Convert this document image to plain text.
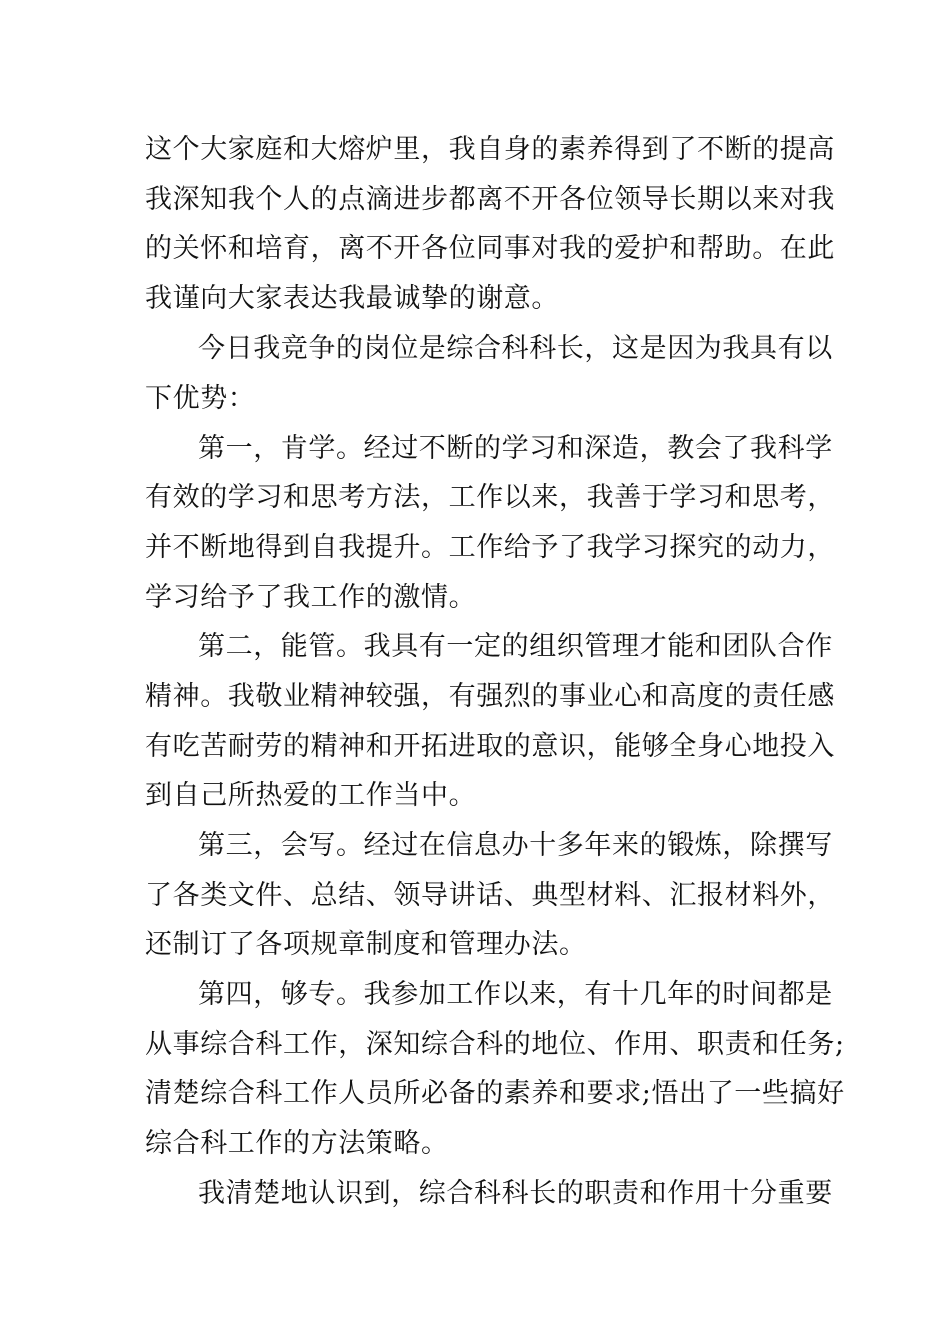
这个大家庭和大熔炉里，我自身的素养得到了不断的提高
我深知我个人的点滴进步都离不开各位领导长期以来对我
的关怀和培育，离不开各位同事对我的爱护和帮助。在此
我谨向大家表达我最诚挚的谢意。
今日我竞争的岗位是综合科科长，这是因为我具有以
下优势：
第一，肯学。经过不断的学习和深造，教会了我科学
有效的学习和思考方法，工作以来，我善于学习和思考，
并不断地得到自我提升。工作给予了我学习探究的动力，
学习给予了我工作的激情。
第二，能管。我具有一定的组织管理才能和团队合作
精神。我敬业精神较强，有强烈的事业心和高度的责任感
有吃苦耐劳的精神和开拓进取的意识，能够全身心地投入
到自己所热爱的工作当中。
第三，会写。经过在信息办十多年来的锻炼，除撰写
了各类文件、总结、领导讲话、典型材料、汇报材料外，
还制订了各项规章制度和管理办法。
第四，够专。我参加工作以来，有十几年的时间都是
从事综合科工作，深知综合科的地位、作用、职责和任务;
清楚综合科工作人员所必备的素养和要求;悟出了一些搞好
综合科工作的方法策略。
我清楚地认识到，综合科科长的职责和作用十分重要
